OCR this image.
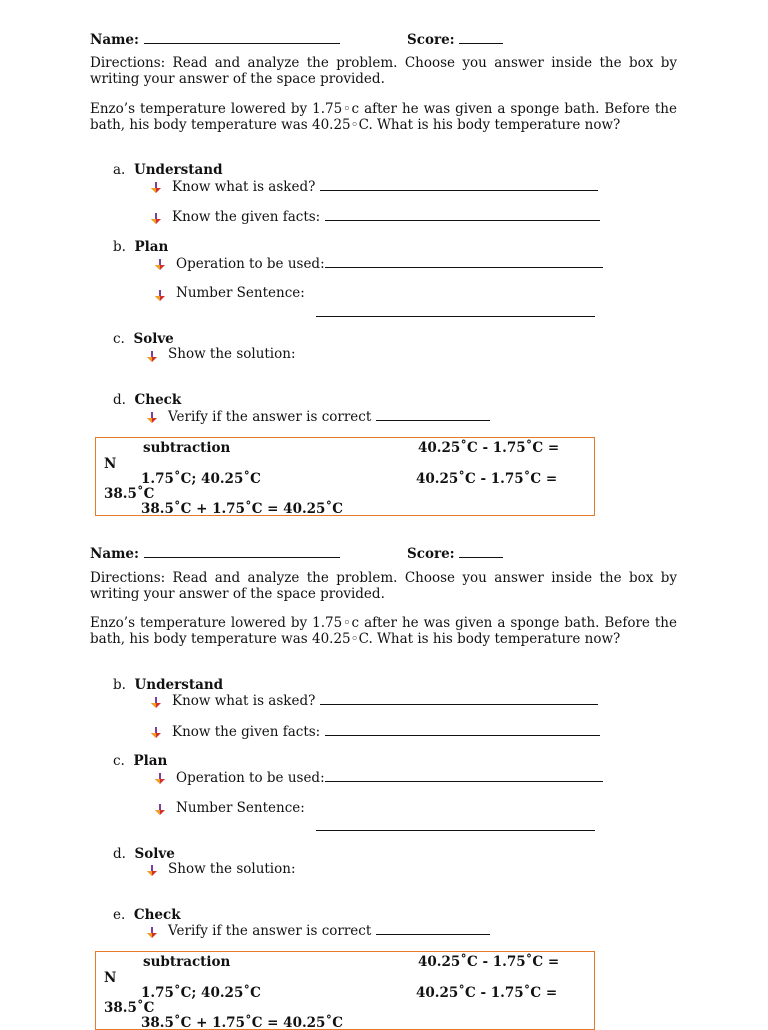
Name:	Score:
Directions: Read and analyze the problem. Choose you answer inside the box by writing your answer of the space provided.
Enzo’s temperature lowered by 1.75◦c after he was given a sponge bath. Before the bath, his body temperature was 40.25◦C. What is his body temperature now?
a. Understand
Know what is asked?
Know the given facts:
b. Plan
Operation to be used:
Number Sentence:
c. Solve
Show the solution:
d. Check
Verify if the answer is correct
subtraction	40.25˚C - 1.75˚C =
N
1.75˚C; 40.25˚C	40.25˚C - 1.75˚C =
38.5˚C
38.5˚C + 1.75˚C = 40.25˚C
Name:	Score:
Directions: Read and analyze the problem. Choose you answer inside the box by writing your answer of the space provided.
Enzo’s temperature lowered by 1.75◦c after he was given a sponge bath. Before the bath, his body temperature was 40.25◦C. What is his body temperature now?
b. Understand
Know what is asked?
Know the given facts:
c. Plan
Operation to be used:
Number Sentence:
d. Solve
Show the solution:
e. Check
Verify if the answer is correct
subtraction	40.25˚C - 1.75˚C =
N
1.75˚C; 40.25˚C	40.25˚C - 1.75˚C =
38.5˚C
38.5˚C + 1.75˚C = 40.25˚C
